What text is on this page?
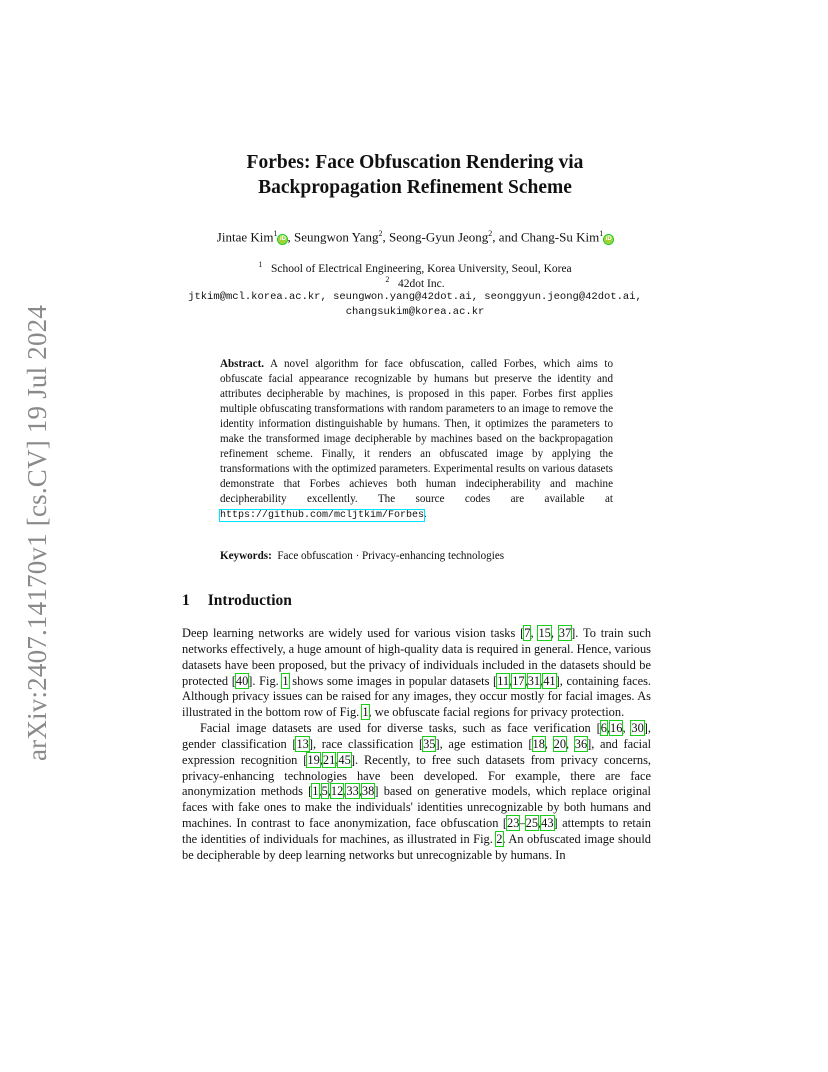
arXiv:2407.14170v1 [cs.CV] 19 Jul 2024
Forbes: Face Obfuscation Rendering via
Backpropagation Refinement Scheme
Jintae Kim$^1$iD , Seungwon Yang$^2$, Seong-Gyun Jeong$^2$, and Chang-Su Kim$^1$iD
$^1$ School of Electrical Engineering, Korea University, Seoul, Korea
$^2$ 42dot Inc.
jtkim@mcl.korea.ac.kr, seungwon.yang@42dot.ai, seonggyun.jeong@42dot.ai,
changsukim@korea.ac.kr
Abstract. A novel algorithm for face obfuscation, called Forbes, which aims to obfuscate facial appearance recognizable by humans but preserve the identity and attributes decipherable by machines, is proposed in this paper. Forbes first applies multiple obfuscating transformations with random parameters to an image to remove the identity information distinguishable by humans. Then, it optimizes the parameters to make the transformed image decipherable by machines based on the backpropagation refinement scheme. Finally, it renders an obfuscated image by applying the transformations with the optimized parameters. Experimental results on various datasets demonstrate that Forbes achieves both human indecipherability and machine decipherability excellently. The source codes are available at https://github.com/mcljtkim/Forbes.
Keywords: Face obfuscation · Privacy-enhancing technologies
1 Introduction

Deep learning networks are widely used for various vision tasks [7, 15, 37]. To train such networks effectively, a huge amount of high-quality data is required in general. Hence, various datasets have been proposed, but the privacy of individuals included in the datasets should be protected [40]. Fig. 1 shows some images in popular datasets [11,17,31,41], containing faces. Although privacy issues can be raised for any images, they occur mostly for facial images. As illustrated in the bottom row of Fig. 1, we obfuscate facial regions for privacy protection.

Facial image datasets are used for diverse tasks, such as face verification [6,16, 30], gender classification [13], race classification [35], age estimation [18, 20, 36], and facial expression recognition [19,21,45]. Recently, to free such datasets from privacy concerns, privacy-enhancing technologies have been developed. For example, there are face anonymization methods [1,5,12,33,38] based on generative models, which replace original faces with fake ones to make the individuals' identities unrecognizable by both humans and machines. In contrast to face anonymization, face obfuscation [23–25,43] attempts to retain the identities of individuals for machines, as illustrated in Fig. 2. An obfuscated image should be decipherable by deep learning networks but unrecognizable by humans. In
